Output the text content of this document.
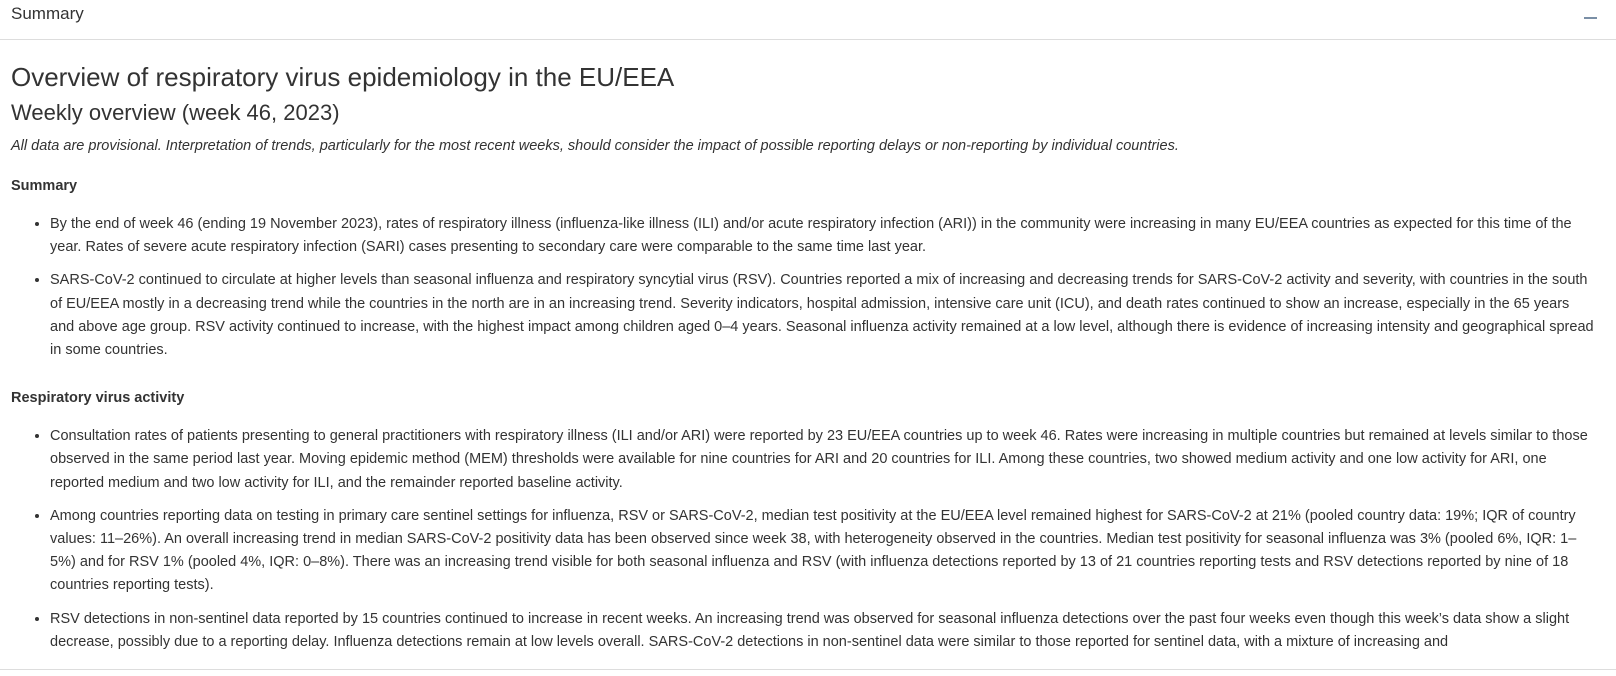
Summary
Overview of respiratory virus epidemiology in the EU/EEA
Weekly overview (week 46, 2023)

All data are provisional. Interpretation of trends, particularly for the most recent weeks, should consider the impact of possible reporting delays or non-reporting by individual countries.

Summary
• By the end of week 46 (ending 19 November 2023), rates of respiratory illness (influenza-like illness (ILI) and/or acute respiratory infection (ARI)) in the community were increasing in many EU/EEA countries as expected for this time of the year. Rates of severe acute respiratory infection (SARI) cases presenting to secondary care were comparable to the same time last year.
• SARS-CoV-2 continued to circulate at higher levels than seasonal influenza and respiratory syncytial virus (RSV). Countries reported a mix of increasing and decreasing trends for SARS-CoV-2 activity and severity, with countries in the south of EU/EEA mostly in a decreasing trend while the countries in the north are in an increasing trend. Severity indicators, hospital admission, intensive care unit (ICU), and death rates continued to show an increase, especially in the 65 years and above age group. RSV activity continued to increase, with the highest impact among children aged 0–4 years. Seasonal influenza activity remained at a low level, although there is evidence of increasing intensity and geographical spread in some countries.
Respiratory virus activity
• Consultation rates of patients presenting to general practitioners with respiratory illness (ILI and/or ARI) were reported by 23 EU/EEA countries up to week 46. Rates were increasing in multiple countries but remained at levels similar to those observed in the same period last year. Moving epidemic method (MEM) thresholds were available for nine countries for ARI and 20 countries for ILI. Among these countries, two showed medium activity and one low activity for ARI, one reported medium and two low activity for ILI, and the remainder reported baseline activity.
• Among countries reporting data on testing in primary care sentinel settings for influenza, RSV or SARS-CoV-2, median test positivity at the EU/EEA level remained highest for SARS-CoV-2 at 21% (pooled country data: 19%; IQR of country values: 11–26%). An overall increasing trend in median SARS-CoV-2 positivity data has been observed since week 38, with heterogeneity observed in the countries. Median test positivity for seasonal influenza was 3% (pooled 6%, IQR: 1–5%) and for RSV 1% (pooled 4%, IQR: 0–8%). There was an increasing trend visible for both seasonal influenza and RSV (with influenza detections reported by 13 of 21 countries reporting tests and RSV detections reported by nine of 18 countries reporting tests).
• RSV detections in non-sentinel data reported by 15 countries continued to increase in recent weeks. An increasing trend was observed for seasonal influenza detections over the past four weeks even though this week’s data show a slight decrease, possibly due to a reporting delay. Influenza detections remain at low levels overall. SARS-CoV-2 detections in non-sentinel data were similar to those reported for sentinel data, with a mixture of increasing and
